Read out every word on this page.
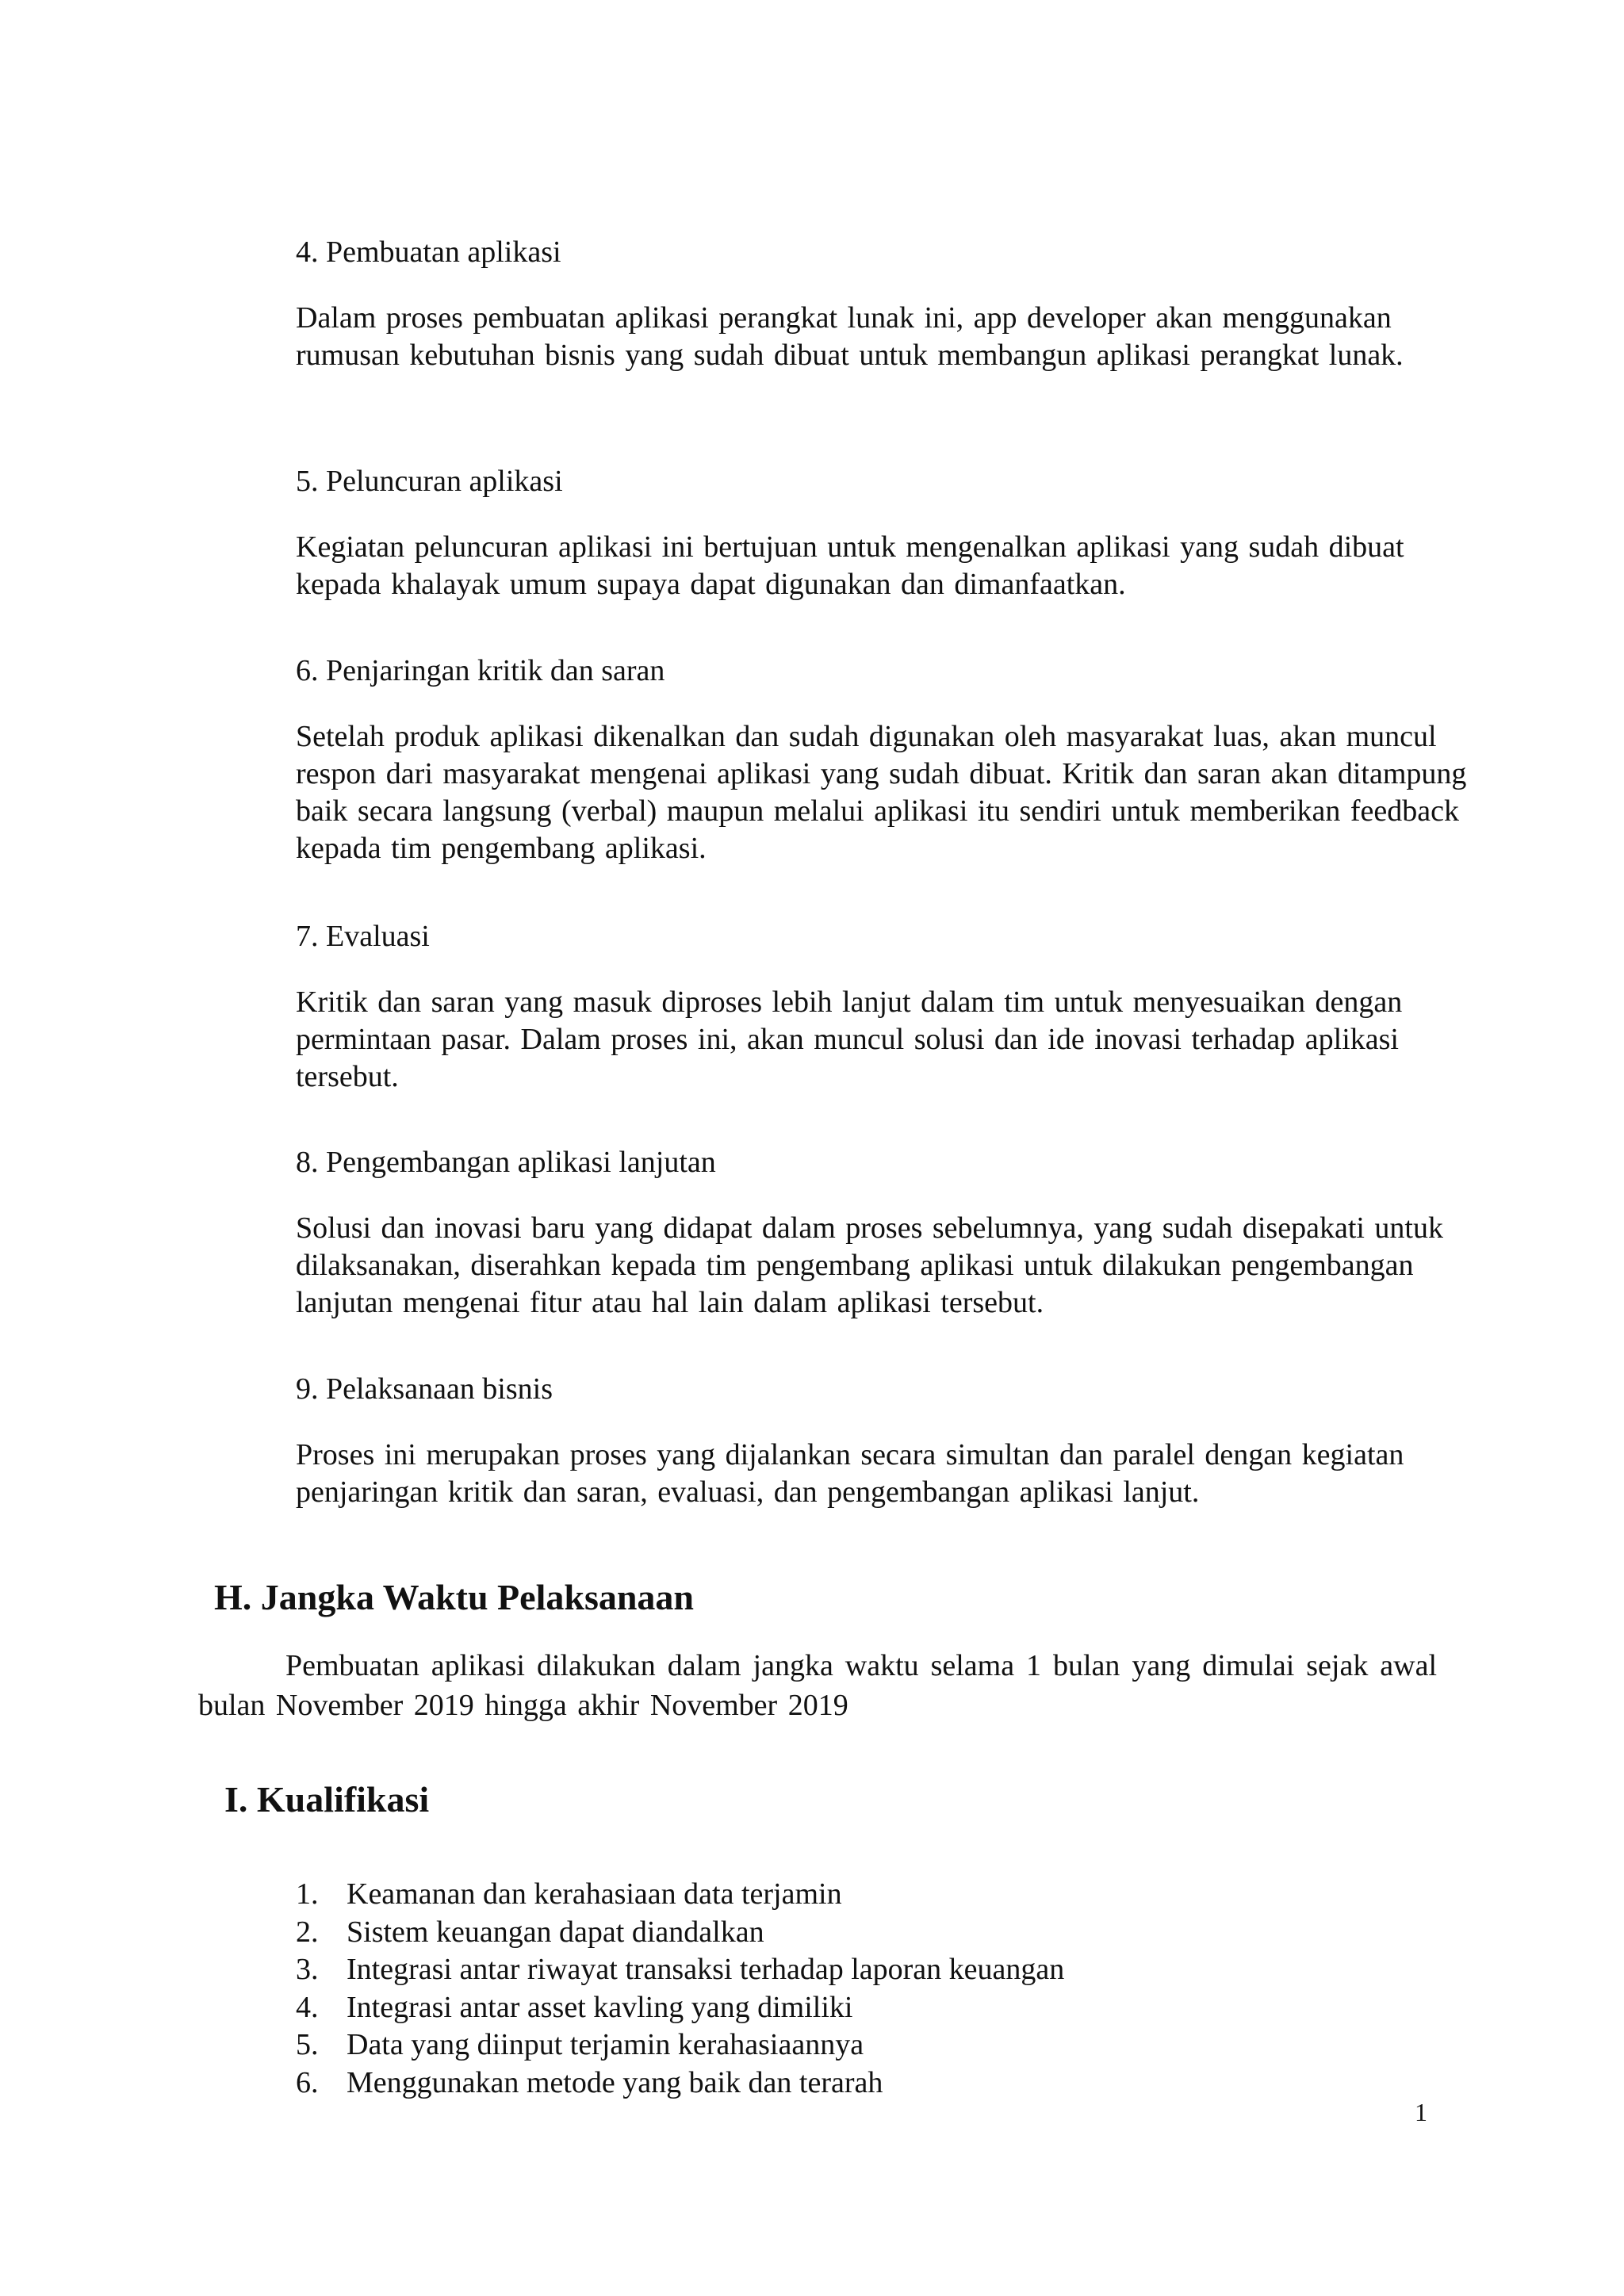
4. Pembuatan aplikasi

Dalam proses pembuatan aplikasi perangkat lunak ini, app developer akan menggunakan rumusan kebutuhan bisnis yang sudah dibuat untuk membangun aplikasi perangkat lunak.

5. Peluncuran aplikasi

Kegiatan peluncuran aplikasi ini bertujuan untuk mengenalkan aplikasi yang sudah dibuat kepada khalayak umum supaya dapat digunakan dan dimanfaatkan.

6. Penjaringan kritik dan saran

Setelah produk aplikasi dikenalkan dan sudah digunakan oleh masyarakat luas, akan muncul respon dari masyarakat mengenai aplikasi yang sudah dibuat. Kritik dan saran akan ditampung baik secara langsung (verbal) maupun melalui aplikasi itu sendiri untuk memberikan feedback kepada tim pengembang aplikasi.

7. Evaluasi

Kritik dan saran yang masuk diproses lebih lanjut dalam tim untuk menyesuaikan dengan permintaan pasar. Dalam proses ini, akan muncul solusi dan ide inovasi terhadap aplikasi tersebut.

8. Pengembangan aplikasi lanjutan

Solusi dan inovasi baru yang didapat dalam proses sebelumnya, yang sudah disepakati untuk dilaksanakan, diserahkan kepada tim pengembang aplikasi untuk dilakukan pengembangan lanjutan mengenai fitur atau hal lain dalam aplikasi tersebut.

9. Pelaksanaan bisnis

Proses ini merupakan proses yang dijalankan secara simultan dan paralel dengan kegiatan penjaringan kritik dan saran, evaluasi, dan pengembangan aplikasi lanjut.

H. Jangka Waktu Pelaksanaan

Pembuatan aplikasi dilakukan dalam jangka waktu selama 1 bulan yang dimulai sejak awal bulan November 2019 hingga akhir November 2019

I. Kualifikasi
1. Keamanan dan kerahasiaan data terjamin
2. Sistem keuangan dapat diandalkan
3. Integrasi antar riwayat transaksi terhadap laporan keuangan
4. Integrasi antar asset kavling yang dimiliki
5. Data yang diinput terjamin kerahasiaannya
6. Menggunakan metode yang baik dan terarah
1
